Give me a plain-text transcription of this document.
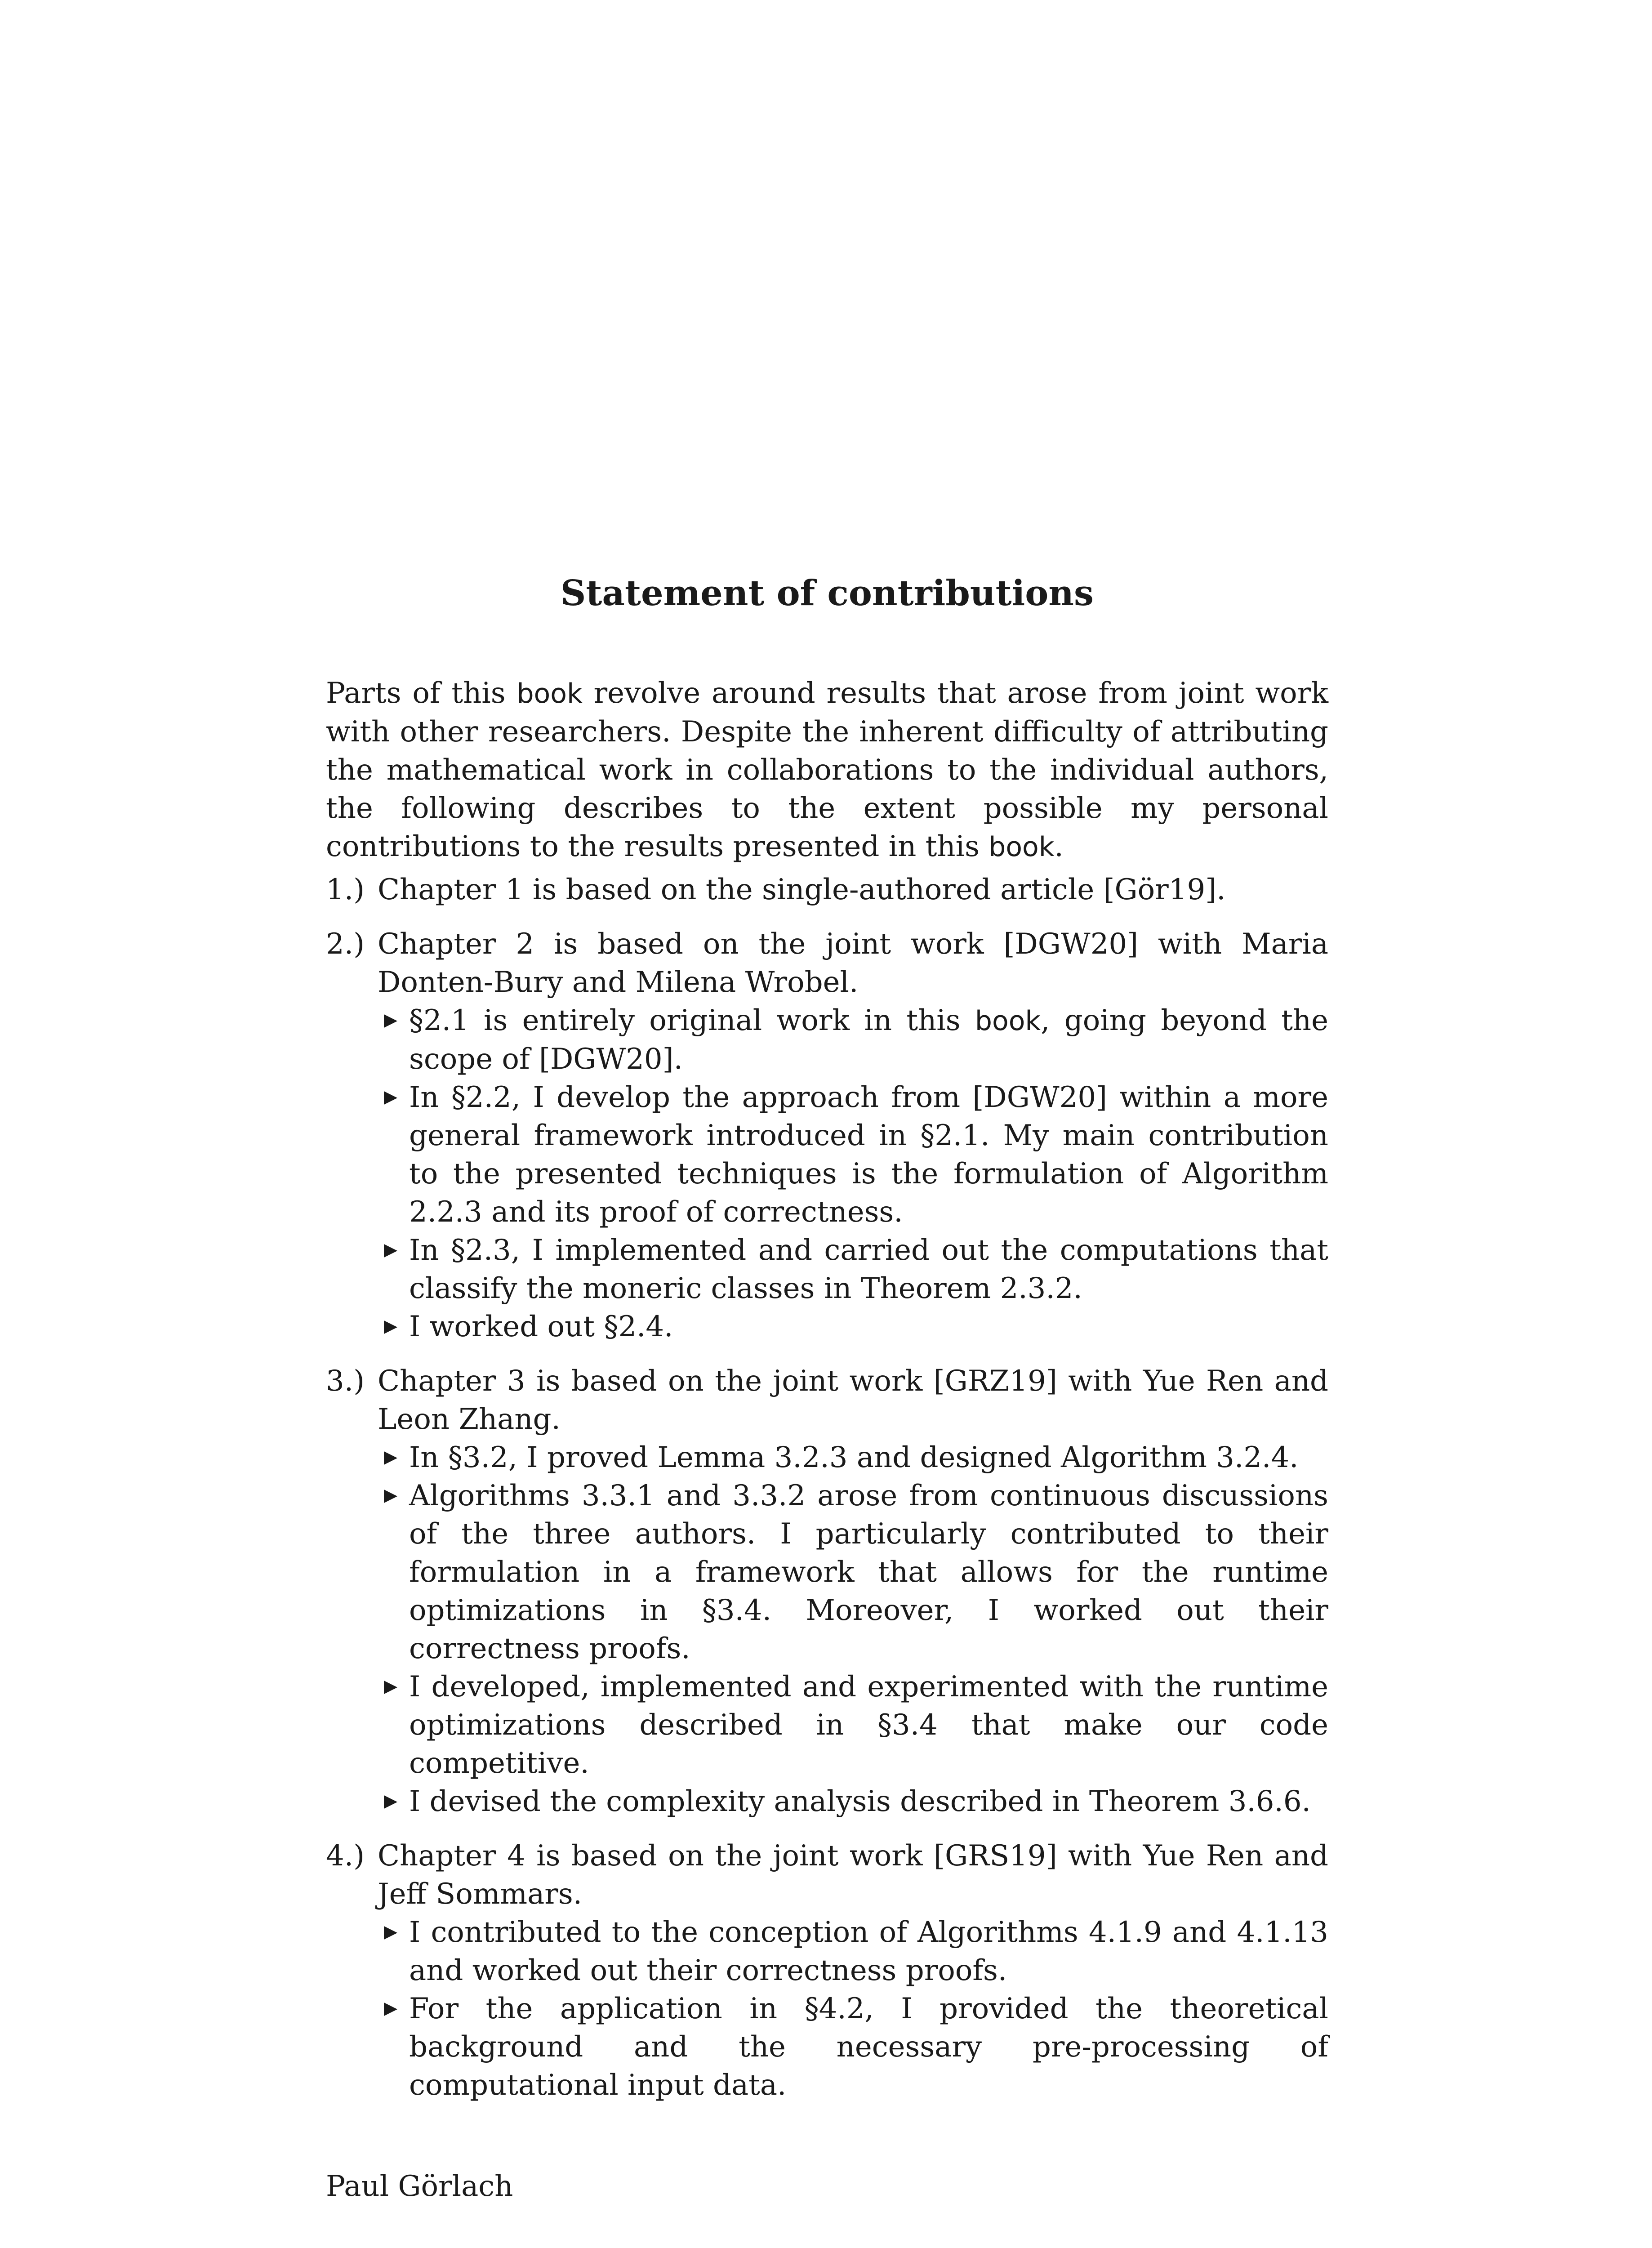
Statement of contributions

Parts of this book revolve around results that arose from joint work with other researchers. Despite the inherent difficulty of attributing the mathematical work in collaborations to the individual authors, the following describes to the extent possible my personal contributions to the results presented in this book.

1.) Chapter 1 is based on the single-authored article [Gör19].
2.) Chapter 2 is based on the joint work [DGW20] with Maria Donten-Bury and Milena Wrobel.
§2.1 is entirely original work in this book, going beyond the scope of [DGW20].
In §2.2, I develop the approach from [DGW20] within a more general framework introduced in §2.1. My main contribution to the presented techniques is the formulation of Algorithm 2.2.3 and its proof of correctness.
In §2.3, I implemented and carried out the computations that classify the moneric classes in Theorem 2.3.2.
I worked out §2.4.
3.) Chapter 3 is based on the joint work [GRZ19] with Yue Ren and Leon Zhang.
In §3.2, I proved Lemma 3.2.3 and designed Algorithm 3.2.4.
Algorithms 3.3.1 and 3.3.2 arose from continuous discussions of the three authors. I particularly contributed to their formulation in a framework that allows for the runtime optimizations in §3.4. Moreover, I worked out their correctness proofs.
I developed, implemented and experimented with the runtime optimizations described in §3.4 that make our code competitive.
I devised the complexity analysis described in Theorem 3.6.6.
4.) Chapter 4 is based on the joint work [GRS19] with Yue Ren and Jeff Sommars.
I contributed to the conception of Algorithms 4.1.9 and 4.1.13 and worked out their correctness proofs.
For the application in §4.2, I provided the theoretical background and the necessary pre-processing of computational input data.
Paul Görlach
